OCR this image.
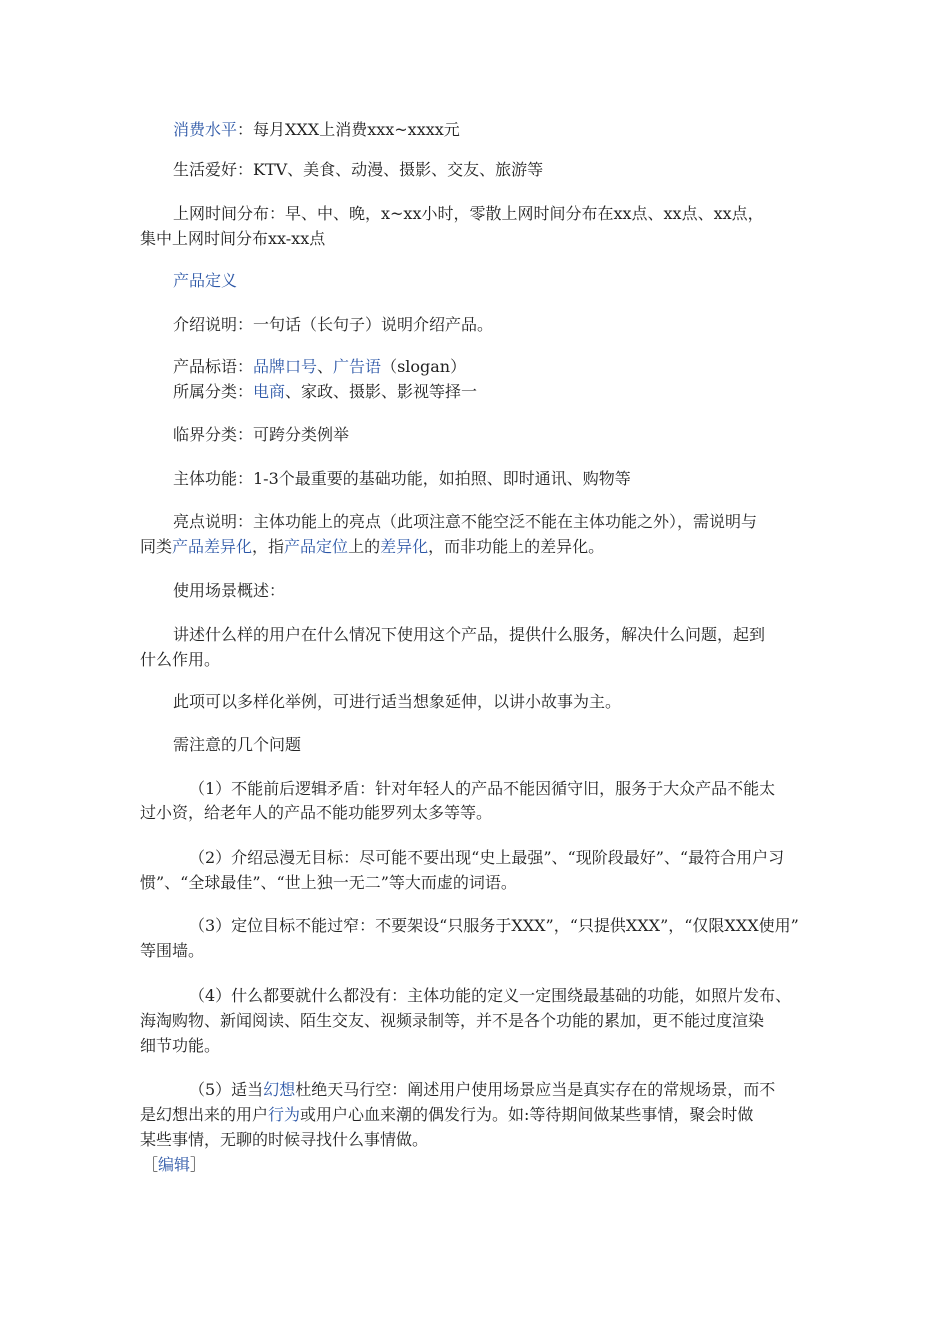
消费水平：每月XXX上消费xxx~xxxx元
生活爱好：KTV、美食、动漫、摄影、交友、旅游等
上网时间分布：早、中、晚，x~xx小时，零散上网时间分布在xx点、xx点、xx点，
集中上网时间分布xx-xx点
产品定义
介绍说明：一句话（长句子）说明介绍产品。
产品标语：品牌口号、广告语（slogan）
所属分类：电商、家政、摄影、影视等择一
临界分类：可跨分类例举
主体功能：1-3个最重要的基础功能，如拍照、即时通讯、购物等
亮点说明：主体功能上的亮点（此项注意不能空泛不能在主体功能之外），需说明与
同类产品差异化，指产品定位上的差异化，而非功能上的差异化。
使用场景概述：
讲述什么样的用户在什么情况下使用这个产品，提供什么服务，解决什么问题，起到
什么作用。
此项可以多样化举例，可进行适当想象延伸，以讲小故事为主。
需注意的几个问题
（1）不能前后逻辑矛盾：针对年轻人的产品不能因循守旧，服务于大众产品不能太
过小资，给老年人的产品不能功能罗列太多等等。
（2）介绍忌漫无目标：尽可能不要出现“史上最强”、“现阶段最好”、“最符合用户习
惯”、“全球最佳”、“世上独一无二”等大而虚的词语。
（3）定位目标不能过窄：不要架设“只服务于XXX”，“只提供XXX”，“仅限XXX使用”
等围墙。
（4）什么都要就什么都没有：主体功能的定义一定围绕最基础的功能，如照片发布、
海淘购物、新闻阅读、陌生交友、视频录制等，并不是各个功能的累加，更不能过度渲染
细节功能。
（5）适当幻想杜绝天马行空：阐述用户使用场景应当是真实存在的常规场景，而不
是幻想出来的用户行为或用户心血来潮的偶发行为。如:等待期间做某些事情，聚会时做
某些事情，无聊的时候寻找什么事情做。
［编辑］
